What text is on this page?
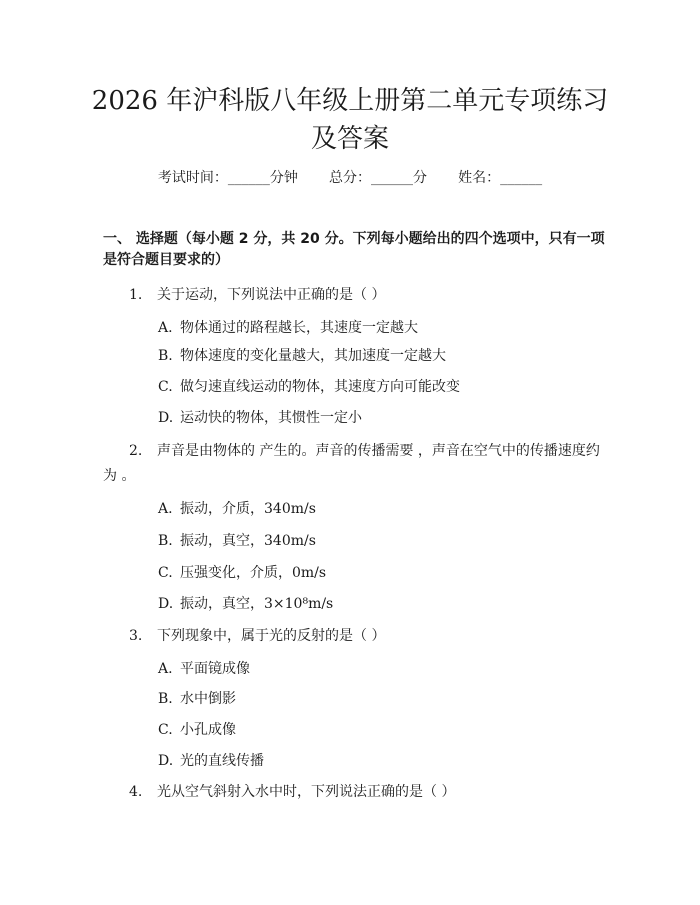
2026 年沪科版八年级上册第二单元专项练习
及答案
考试时间：______分钟 总分：______分 姓名：______
一、 选择题（每小题 2 分，共 20 分。下列每小题给出的四个选项中，只有一项
是符合题目要求的）
1. 关于运动，下列说法中正确的是（ ）
A. 物体通过的路程越长，其速度一定越大
B. 物体速度的变化量越大，其加速度一定越大
C. 做匀速直线运动的物体，其速度方向可能改变
D. 运动快的物体，其惯性一定小
2. 声音是由物体的 产生的。声音的传播需要 ，声音在空气中的传播速度约
为 。
A. 振动，介质，340m/s
B. 振动，真空，340m/s
C. 压强变化，介质，0m/s
D. 振动，真空，3×10⁸m/s
3. 下列现象中，属于光的反射的是（ ）
A. 平面镜成像
B. 水中倒影
C. 小孔成像
D. 光的直线传播
4. 光从空气斜射入水中时，下列说法正确的是（ ）
